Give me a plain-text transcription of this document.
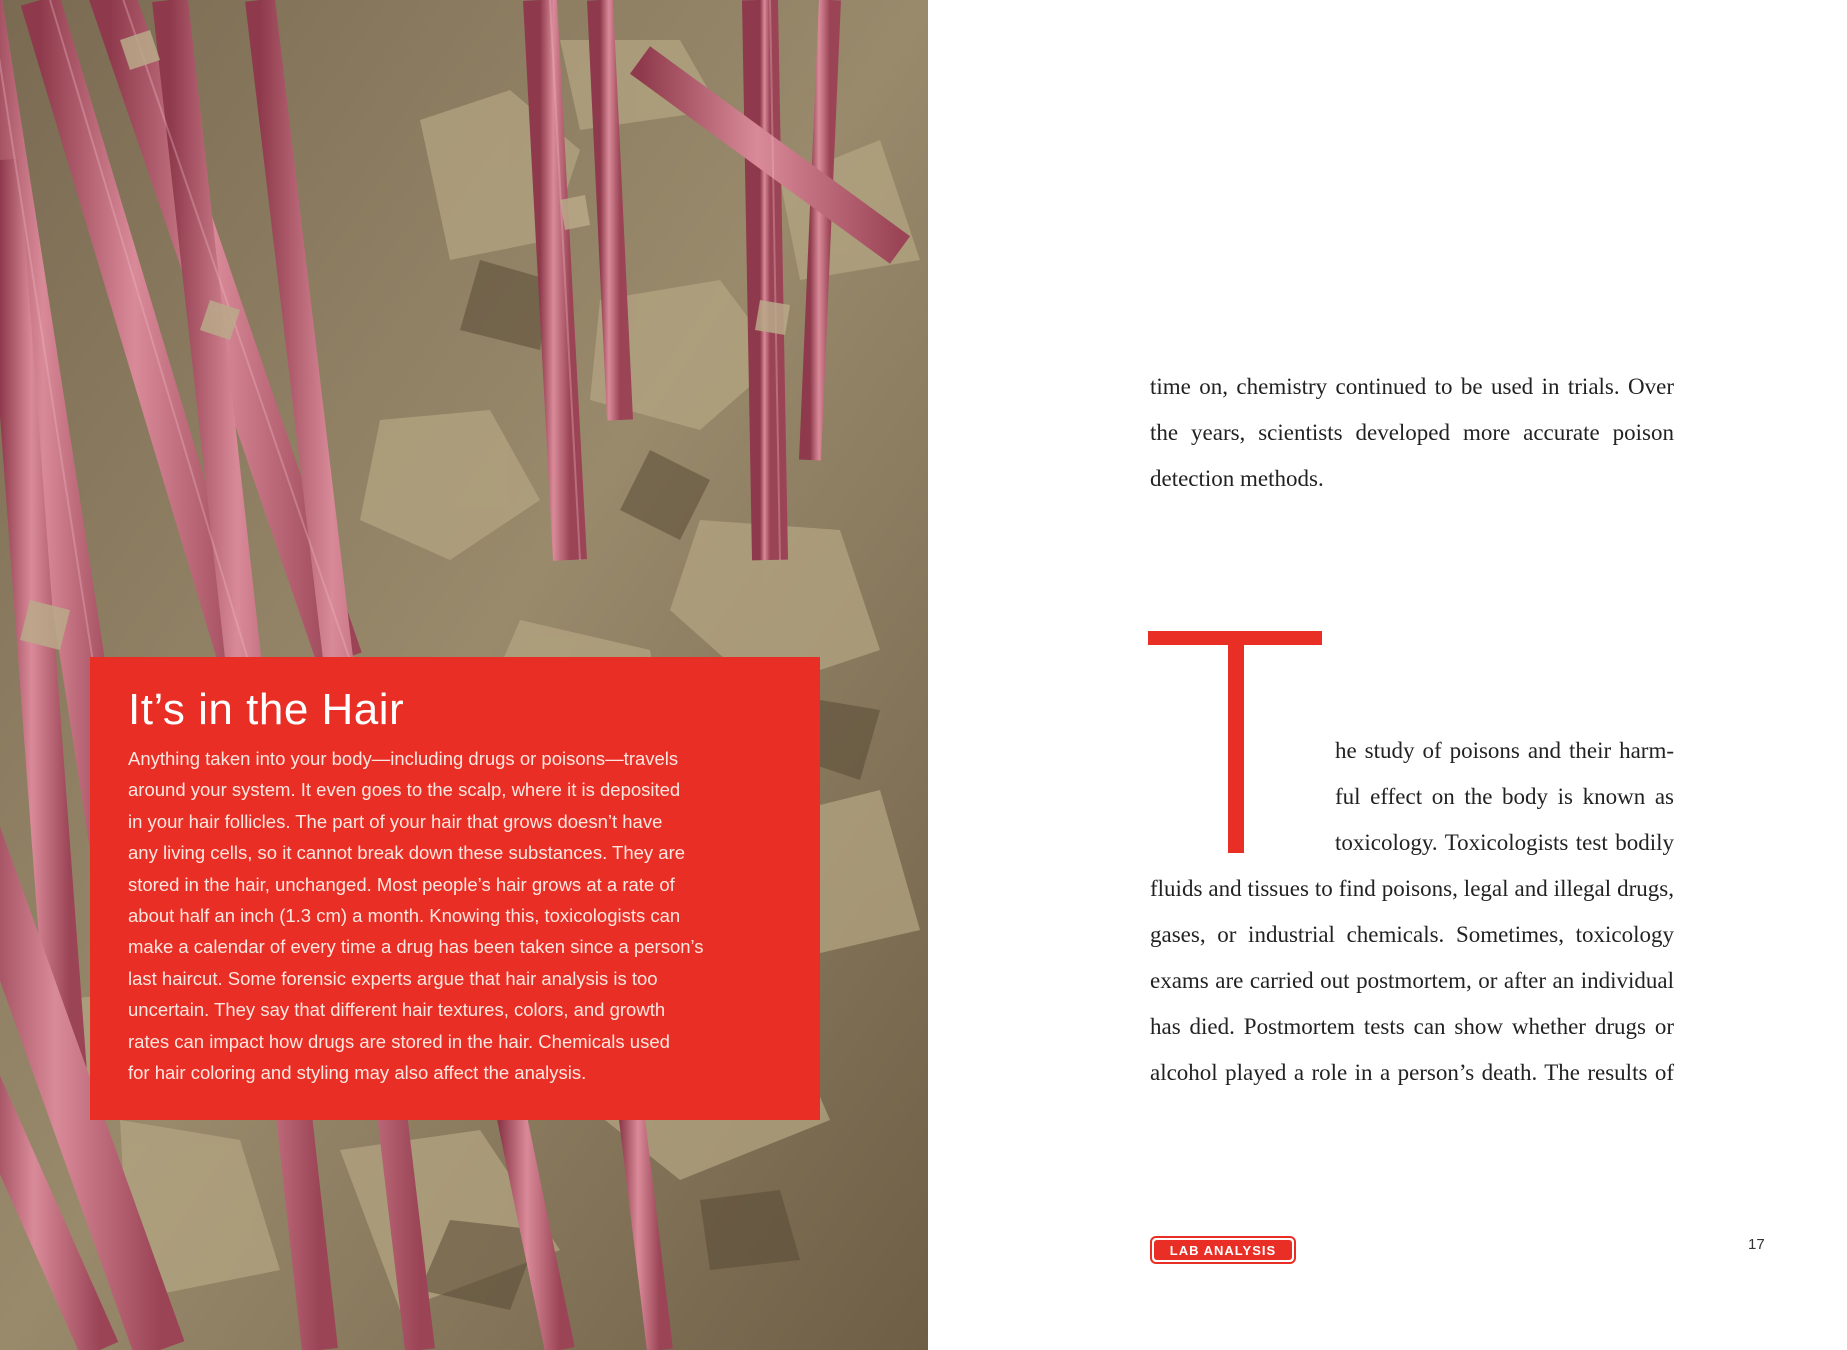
It’s in the Hair
Anything taken into your body—including drugs or poisons—travels
around your system. It even goes to the scalp, where it is deposited
in your hair follicles. The part of your hair that grows doesn’t have
any living cells, so it cannot break down these substances. They are
stored in the hair, unchanged. Most people’s hair grows at a rate of
about half an inch (1.3 cm) a month. Knowing this, toxicologists can
make a calendar of every time a drug has been taken since a person’s
last haircut. Some forensic experts argue that hair analysis is too
uncertain. They say that different hair textures, colors, and growth
rates can impact how drugs are stored in the hair. Chemicals used
for hair coloring and styling may also affect the analysis.
time on, chemistry continued to be used in trials. Over
the years, scientists developed more accurate poison
detection methods.
he study of poisons and their harm-
ful effect on the body is known as
toxicology. Toxicologists test bodily
fluids and tissues to find poisons, legal and illegal drugs,
gases, or industrial chemicals. Sometimes, toxicology
exams are carried out postmortem, or after an individual
has died. Postmortem tests can show whether drugs or
alcohol played a role in a person’s death. The results of
LAB ANALYSIS	17
